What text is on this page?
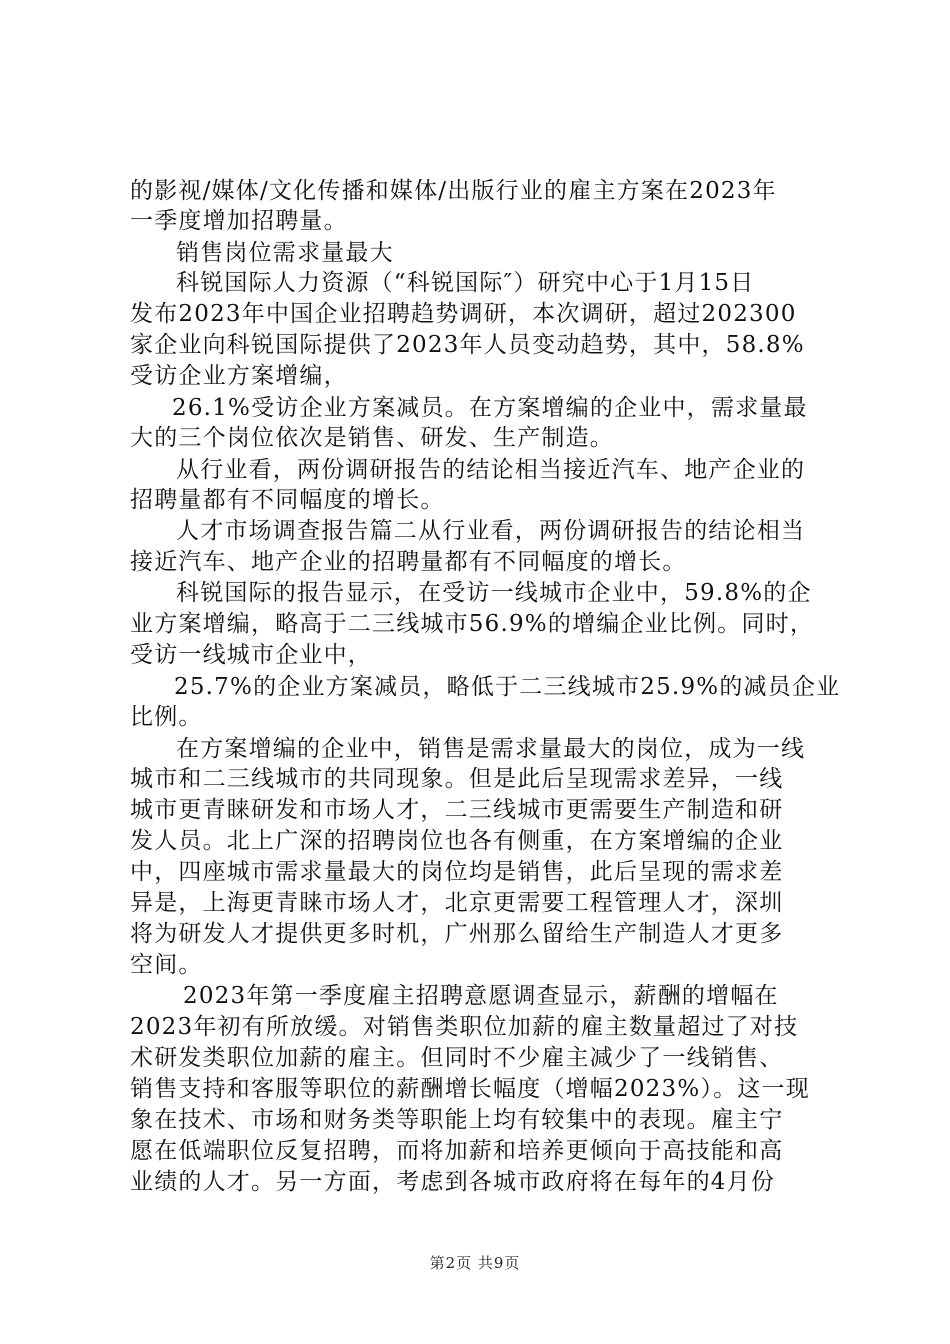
的影视/媒体/文化传播和媒体/出版行业的雇主方案在2023年
一季度增加招聘量。
销售岗位需求量最大
科锐国际人力资源（“科锐国际″）研究中心于1月15日
发布2023年中国企业招聘趋势调研，本次调研，超过202300
家企业向科锐国际提供了2023年人员变动趋势，其中，58.8%
受访企业方案增编，
26.1%受访企业方案减员。在方案增编的企业中，需求量最
大的三个岗位依次是销售、研发、生产制造。
从行业看，两份调研报告的结论相当接近汽车、地产企业的
招聘量都有不同幅度的增长。
人才市场调查报告篇二从行业看，两份调研报告的结论相当
接近汽车、地产企业的招聘量都有不同幅度的增长。
科锐国际的报告显示，在受访一线城市企业中，59.8%的企
业方案增编，略高于二三线城市56.9%的增编企业比例。同时，
受访一线城市企业中，
25.7%的企业方案减员，略低于二三线城市25.9%的减员企业
比例。
在方案增编的企业中，销售是需求量最大的岗位，成为一线
城市和二三线城市的共同现象。但是此后呈现需求差异，一线
城市更青睐研发和市场人才，二三线城市更需要生产制造和研
发人员。北上广深的招聘岗位也各有侧重，在方案增编的企业
中，四座城市需求量最大的岗位均是销售，此后呈现的需求差
异是，上海更青睐市场人才，北京更需要工程管理人才，深圳
将为研发人才提供更多时机，广州那么留给生产制造人才更多
空间。
2023年第一季度雇主招聘意愿调查显示，薪酬的增幅在
2023年初有所放缓。对销售类职位加薪的雇主数量超过了对技
术研发类职位加薪的雇主。但同时不少雇主减少了一线销售、
销售支持和客服等职位的薪酬增长幅度（增幅2023%）。这一现
象在技术、市场和财务类等职能上均有较集中的表现。雇主宁
愿在低端职位反复招聘，而将加薪和培养更倾向于高技能和高
业绩的人才。另一方面，考虑到各城市政府将在每年的4月份
第2页 共9页
